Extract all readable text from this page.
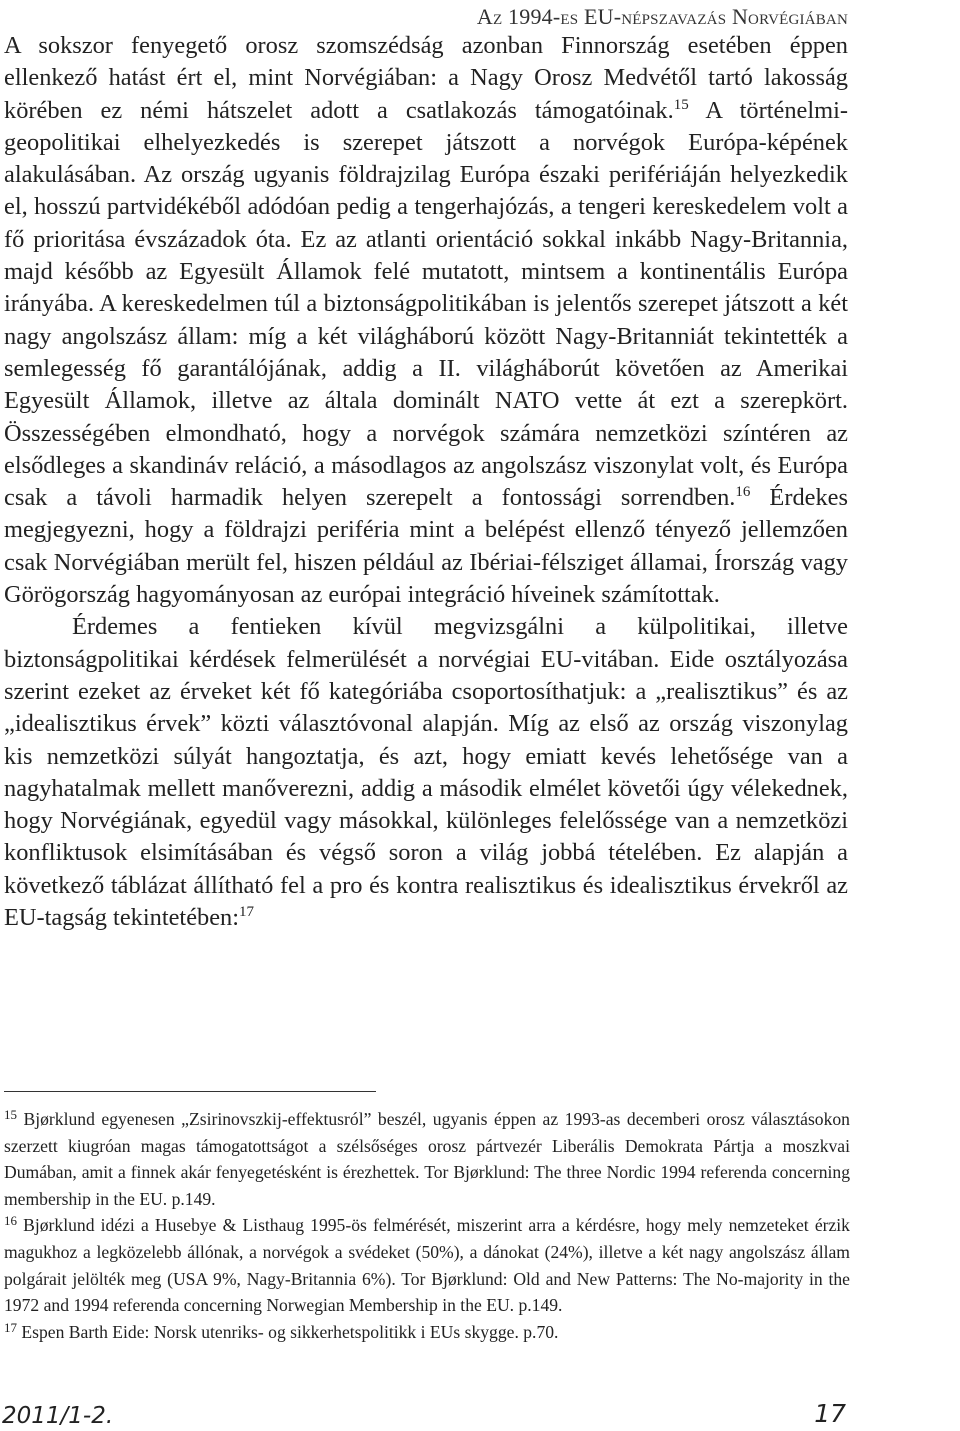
Az 1994-es EU-népszavazás Norvégiában

A sokszor fenyegető orosz szomszédság azonban Finnország esetében éppen ellenkező hatást ért el, mint Norvégiában: a Nagy Orosz Medvétől tartó lakosság körében ez némi hátszelet adott a csatlakozás támogatóinak.$^{15}$ A történelmi-geopolitikai elhelyezkedés is szerepet játszott a norvégok Európa-képének alakulásában. Az ország ugyanis földrajzilag Európa északi perifériáján helyezkedik el, hosszú partvidékéből adódóan pedig a tengerhajózás, a tengeri kereskedelem volt a fő prioritása évszázadok óta. Ez az atlanti orientáció sokkal inkább Nagy-Britannia, majd később az Egyesült Államok felé mutatott, mintsem a kontinentális Európa irányába. A kereskedelmen túl a biztonságpolitikában is jelentős szerepet játszott a két nagy angolszász állam: míg a két világháború között Nagy-Britanniát tekintették a semlegesség fő garantálójának, addig a II. világháborút követően az Amerikai Egyesült Államok, illetve az általa dominált NATO vette át ezt a szerepkört. Összességében elmondható, hogy a norvégok számára nemzetközi színtéren az elsődleges a skandináv reláció, a másodlagos az angolszász viszonylat volt, és Európa csak a távoli harmadik helyen szerepelt a fontossági sorrendben.$^{16}$ Érdekes megjegyezni, hogy a földrajzi periféria mint a belépést ellenző tényező jellemzően csak Norvégiában merült fel, hiszen például az Ibériai-félsziget államai, Írország vagy Görögország hagyományosan az európai integráció híveinek számítottak.

Érdemes a fentieken kívül megvizsgálni a külpolitikai, illetve biztonságpolitikai kérdések felmerülését a norvégiai EU-vitában. Eide osztályozása szerint ezeket az érveket két fő kategóriába csoportosíthatjuk: a „realisztikus” és az „idealisztikus érvek” közti választóvonal alapján. Míg az első az ország viszonylag kis nemzetközi súlyát hangoztatja, és azt, hogy emiatt kevés lehetősége van a nagyhatalmak mellett manőverezni, addig a második elmélet követői úgy vélekednek, hogy Norvégiának, egyedül vagy másokkal, különleges felelőssége van a nemzetközi konfliktusok elsimításában és végső soron a világ jobbá tételében. Ez alapján a következő táblázat állítható fel a pro és kontra realisztikus és idealisztikus érvekről az EU-tagság tekintetében:$^{17}$

$^{15}$ Bjørklund egyenesen „Zsirinovszkij-effektusról” beszél, ugyanis éppen az 1993-as decemberi orosz választásokon szerzett kiugróan magas támogatottságot a szélsőséges orosz pártvezér Liberális Demokrata Pártja a moszkvai Dumában, amit a finnek akár fenyegetésként is érezhettek. Tor Bjørklund: The three Nordic 1994 referenda concerning membership in the EU. p.149.

$^{16}$ Bjørklund idézi a Husebye & Listhaug 1995-ös felmérését, miszerint arra a kérdésre, hogy mely nemzeteket érzik magukhoz a legközelebb állónak, a norvégok a svédeket (50%), a dánokat (24%), illetve a két nagy angolszász állam polgárait jelölték meg (USA 9%, Nagy-Britannia 6%). Tor Bjørklund: Old and New Patterns: The No-majority in the 1972 and 1994 referenda concerning Norwegian Membership in the EU. p.149.

$^{17}$ Espen Barth Eide: Norsk utenriks- og sikkerhetspolitikk i EUs skygge. p.70.

2011/1-2.	17
